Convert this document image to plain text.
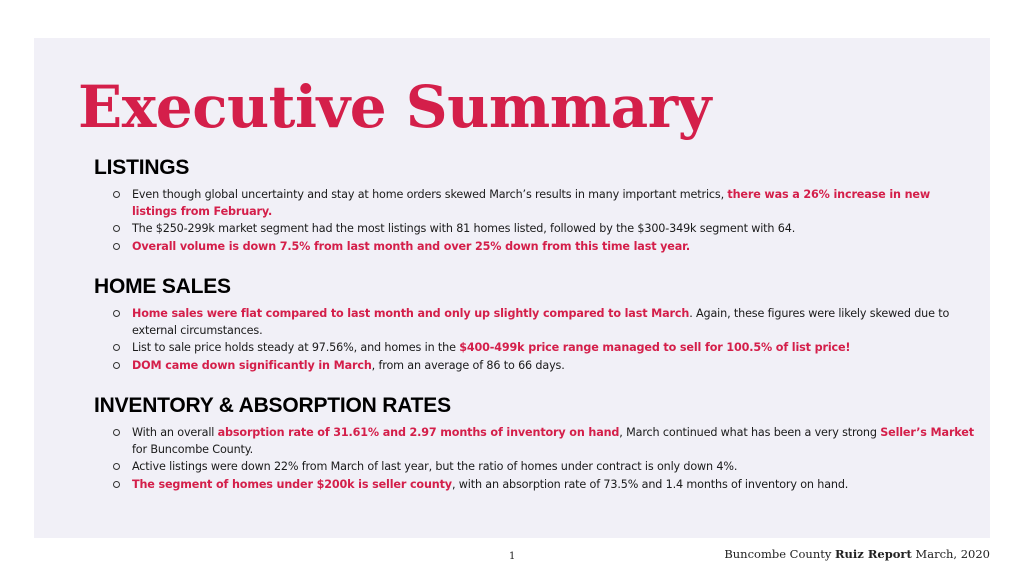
Executive Summary
LISTINGS
Even though global uncertainty and stay at home orders skewed March’s results in many important metrics, there was a 26% increase in new listings from February.
The $250-299k market segment had the most listings with 81 homes listed, followed by the $300-349k segment with 64.
Overall volume is down 7.5% from last month and over 25% down from this time last year.
HOME SALES
Home sales were flat compared to last month and only up slightly compared to last March. Again, these figures were likely skewed due to external circumstances.
List to sale price holds steady at 97.56%, and homes in the $400-499k price range managed to sell for 100.5% of list price!
DOM came down significantly in March, from an average of 86 to 66 days.
INVENTORY & ABSORPTION RATES
With an overall absorption rate of 31.61% and 2.97 months of inventory on hand, March continued what has been a very strong Seller’s Market for Buncombe County.
Active listings were down 22% from March of last year, but the ratio of homes under contract is only down 4%.
The segment of homes under $200k is seller county, with an absorption rate of 73.5% and 1.4 months of inventory on hand.
1	Buncombe County Ruiz Report March, 2020
